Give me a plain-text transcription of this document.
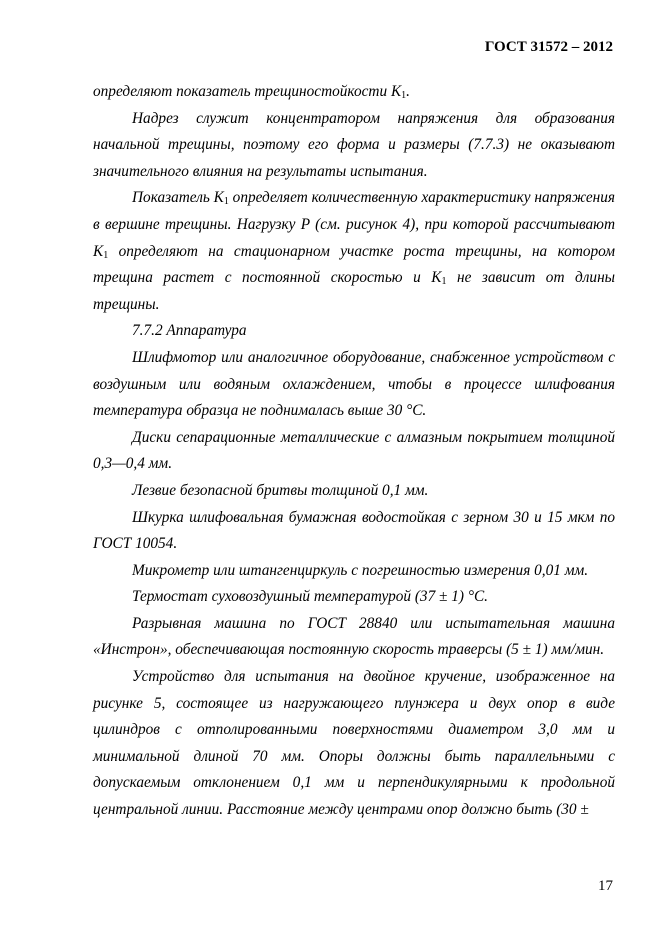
ГОСТ 31572 – 2012

определяют показатель трещиностойкости $K_1$.

Надрез служит концентратором напряжения для образования начальной трещины, поэтому его форма и размеры (7.7.3) не оказывают значительного влияния на результаты испытания.

Показатель $K_1$ определяет количественную характеристику напряжения в вершине трещины. Нагрузку P (см. рисунок 4), при которой рассчитывают $K_1$ определяют на стационарном участке роста трещины, на котором трещина растет с постоянной скоростью и $K_1$ не зависит от длины трещины.

7.7.2 Аппаратура

Шлифмотор или аналогичное оборудование, снабженное устройством с воздушным или водяным охлаждением, чтобы в процессе шлифования температура образца не поднималась выше 30 °C.

Диски сепарационные металлические с алмазным покрытием толщиной 0,3—0,4 мм.

Лезвие безопасной бритвы толщиной 0,1 мм.

Шкурка шлифовальная бумажная водостойкая с зерном 30 и 15 мкм по ГОСТ 10054.

Микрометр или штангенциркуль с погрешностью измерения 0,01 мм.

Термостат суховоздушный температурой (37 ± 1) °C.

Разрывная машина по ГОСТ 28840 или испытательная машина «Инстрон», обеспечивающая постоянную скорость траверсы (5 ± 1) мм/мин.

Устройство для испытания на двойное кручение, изображенное на рисунке 5, состоящее из нагружающего плунжера и двух опор в виде цилиндров с отполированными поверхностями диаметром 3,0 мм и минимальной длиной 70 мм. Опоры должны быть параллельными с допускаемым отклонением 0,1 мм и перпендикулярными к продольной центральной линии. Расстояние между центрами опор должно быть (30 ±

17
